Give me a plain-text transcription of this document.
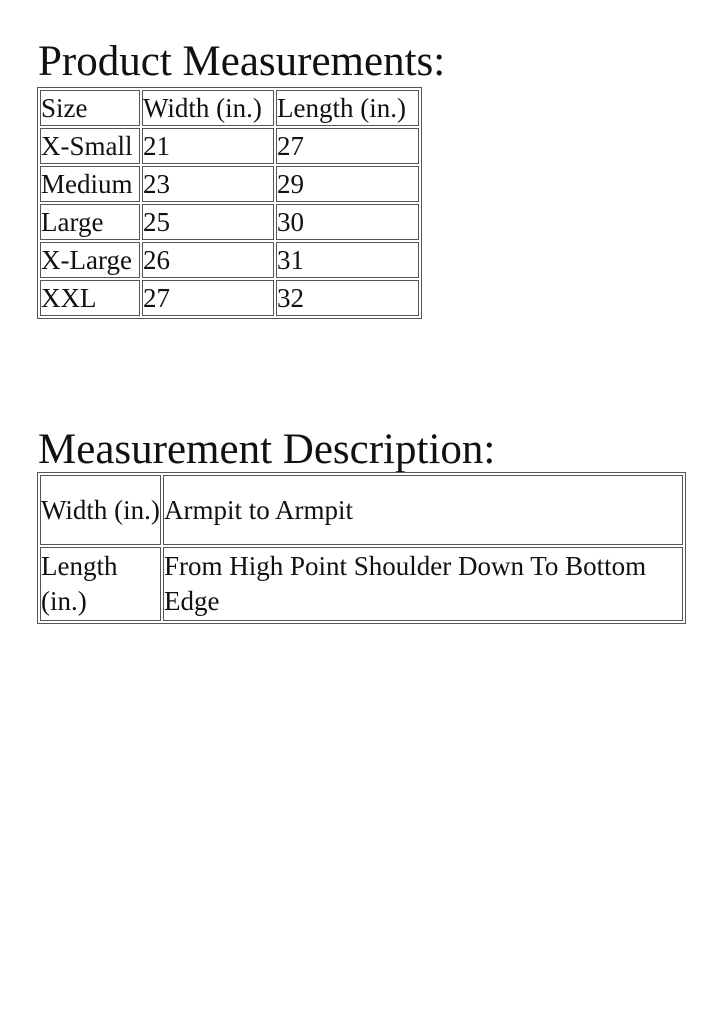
Product Measurements:
Size	Width (in.)	Length (in.)
X-Small	21	27
Medium	23	29
Large	25	30
X-Large	26	31
XXL	27	32
Measurement Description:
Width (in.)	Armpit to Armpit
Length (in.)	From High Point Shoulder Down To Bottom Edge
